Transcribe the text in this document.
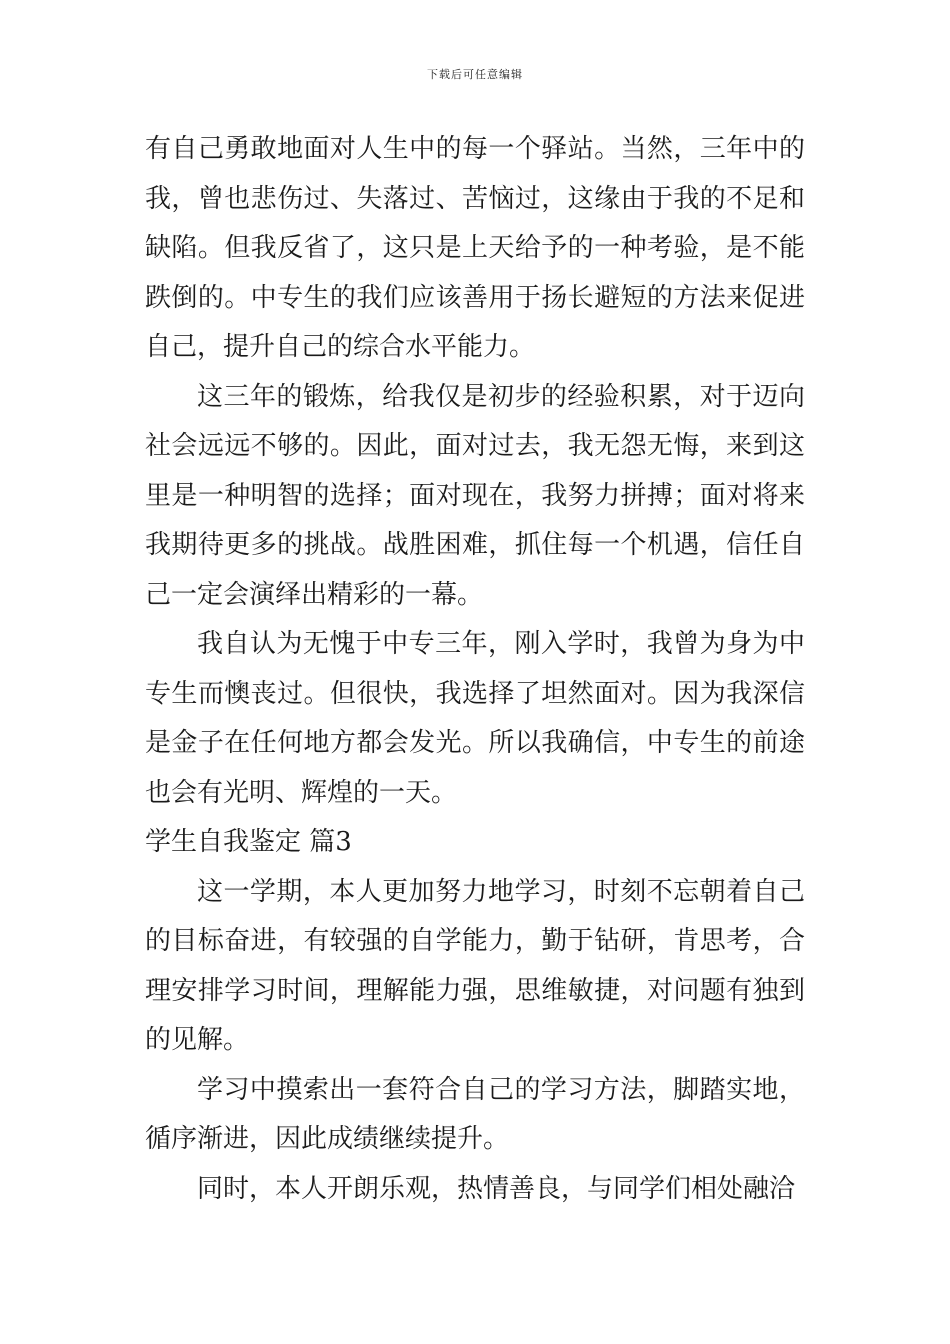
下载后可任意编辑

有自己勇敢地面对人生中的每一个驿站。当然，三年中的我，曾也悲伤过、失落过、苦恼过，这缘由于我的不足和缺陷。但我反省了，这只是上天给予的一种考验，是不能跌倒的。中专生的我们应该善用于扬长避短的方法来促进自己，提升自己的综合水平能力。

这三年的锻炼，给我仅是初步的经验积累，对于迈向社会远远不够的。因此，面对过去，我无怨无悔，来到这里是一种明智的选择；面对现在，我努力拼搏；面对将来我期待更多的挑战。战胜困难，抓住每一个机遇，信任自己一定会演绎出精彩的一幕。

我自认为无愧于中专三年，刚入学时，我曾为身为中专生而懊丧过。但很快，我选择了坦然面对。因为我深信是金子在任何地方都会发光。所以我确信，中专生的前途也会有光明、辉煌的一天。

学生自我鉴定 篇3

这一学期，本人更加努力地学习，时刻不忘朝着自己的目标奋进，有较强的自学能力，勤于钻研，肯思考，合理安排学习时间，理解能力强，思维敏捷，对问题有独到的见解。

学习中摸索出一套符合自己的学习方法，脚踏实地，循序渐进，因此成绩继续提升。

同时，本人开朗乐观，热情善良，与同学们相处融洽
